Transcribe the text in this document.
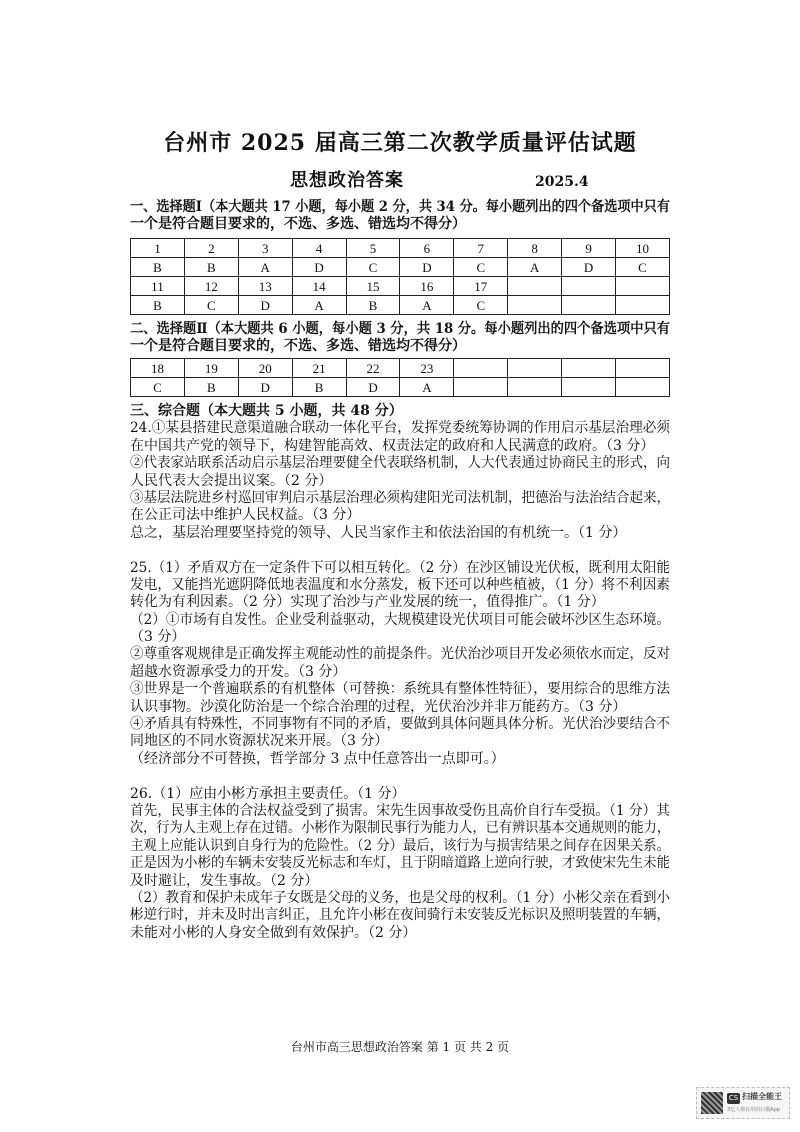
台州市 2025 届高三第二次教学质量评估试题
思想政治答案	2025.4
一、选择题Ⅰ（本大题共 17 小题，每小题 2 分，共 34 分。每小题列出的四个备选项中只有
一个是符合题目要求的，不选、多选、错选均不得分）
1	2	3	4	5	6	7	8	9	10
B	B	A	D	C	D	C	A	D	C
11	12	13	14	15	16	17			
B	C	D	A	B	A	C			
二、选择题Ⅱ（本大题共 6 小题，每小题 3 分，共 18 分。每小题列出的四个备选项中只有
一个是符合题目要求的，不选、多选、错选均不得分）
18	19	20	21	22	23				
C	B	D	B	D	A				
三、综合题（本大题共 5 小题，共 48 分）
24.①某县搭建民意渠道融合联动一体化平台，发挥党委统筹协调的作用启示基层治理必须
在中国共产党的领导下，构建智能高效、权责法定的政府和人民满意的政府。（3 分）
②代表家站联系活动启示基层治理要健全代表联络机制，人大代表通过协商民主的形式，向
人民代表大会提出议案。（2 分）
③基层法院进乡村巡回审判启示基层治理必须构建阳光司法机制，把德治与法治结合起来，
在公正司法中维护人民权益。（3 分）
总之，基层治理要坚持党的领导、人民当家作主和依法治国的有机统一。（1 分）
25.（1）矛盾双方在一定条件下可以相互转化。（2 分）在沙区铺设光伏板，既利用太阳能
发电，又能挡光遮阴降低地表温度和水分蒸发，板下还可以种些植被，（1 分）将不利因素
转化为有利因素。（2 分）实现了治沙与产业发展的统一，值得推广。（1 分）
（2）①市场有自发性。企业受利益驱动，大规模建设光伏项目可能会破坏沙区生态环境。
（3 分）
②尊重客观规律是正确发挥主观能动性的前提条件。光伏治沙项目开发必须依水而定，反对
超越水资源承受力的开发。（3 分）
③世界是一个普遍联系的有机整体（可替换：系统具有整体性特征），要用综合的思维方法
认识事物。沙漠化防治是一个综合治理的过程，光伏治沙并非万能药方。（3 分）
④矛盾具有特殊性，不同事物有不同的矛盾，要做到具体问题具体分析。光伏治沙要结合不
同地区的不同水资源状况来开展。（3 分）
（经济部分不可替换，哲学部分 3 点中任意答出一点即可。）
26.（1）应由小彬方承担主要责任。（1 分）
首先，民事主体的合法权益受到了损害。宋先生因事故受伤且高价自行车受损。（1 分）其
次，行为人主观上存在过错。小彬作为限制民事行为能力人，已有辨识基本交通规则的能力，
主观上应能认识到自身行为的危险性。（2 分）最后，该行为与损害结果之间存在因果关系。
正是因为小彬的车辆未安装反光标志和车灯，且于阴暗道路上逆向行驶，才致使宋先生未能
及时避让，发生事故。（2 分）
（2）教育和保护未成年子女既是父母的义务，也是父母的权利。（1 分）小彬父亲在看到小
彬逆行时，并未及时出言纠正，且允许小彬在夜间骑行未安装反光标识及照明装置的车辆，
未能对小彬的人身安全做到有效保护。（2 分）
台州市高三思想政治答案 第 1 页 共 2 页
CS 扫描全能王
3亿人都在用的扫描App
